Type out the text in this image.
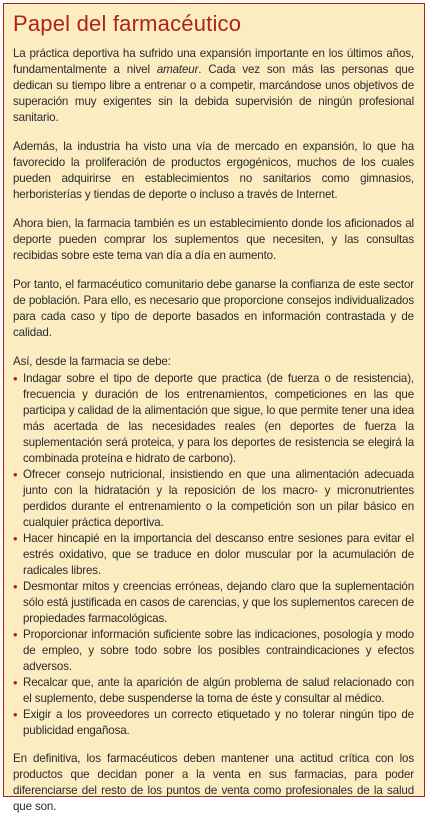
Papel del farmacéutico

La práctica deportiva ha sufrido una expansión importante en los últimos años, fundamentalmente a nivel amateur. Cada vez son más las personas que dedican su tiempo libre a entrenar o a competir, marcándose unos objetivos de superación muy exigentes sin la debida supervisión de ningún profesional sanitario.

Además, la industria ha visto una vía de mercado en expansión, lo que ha favorecido la proliferación de productos ergogénicos, muchos de los cuales pueden adquirirse en establecimientos no sanitarios como gimnasios, herboristerías y tiendas de deporte o incluso a través de Internet.

Ahora bien, la farmacia también es un establecimiento donde los aficionados al deporte pueden comprar los suplementos que necesiten, y las consultas recibidas sobre este tema van día a día en aumento.

Por tanto, el farmacéutico comunitario debe ganarse la confianza de este sector de población. Para ello, es necesario que proporcione consejos individualizados para cada caso y tipo de deporte basados en información contrastada y de calidad.

Así, desde la farmacia se debe:

• Indagar sobre el tipo de deporte que practica (de fuerza o de resistencia), frecuencia y duración de los entrenamientos, competiciones en las que participa y calidad de la alimentación que sigue, lo que permite tener una idea más acertada de las necesidades reales (en deportes de fuerza la suplementación será proteica, y para los deportes de resistencia se elegirá la combinada proteína e hidrato de carbono).
• Ofrecer consejo nutricional, insistiendo en que una alimentación adecuada junto con la hidratación y la reposición de los macro- y micronutrientes perdidos durante el entrenamiento o la competición son un pilar básico en cualquier práctica deportiva.
• Hacer hincapié en la importancia del descanso entre sesiones para evitar el estrés oxidativo, que se traduce en dolor muscular por la acumulación de radicales libres.
• Desmontar mitos y creencias erróneas, dejando claro que la suplementación sólo está justificada en casos de carencias, y que los suplementos carecen de propiedades farmacológicas.
• Proporcionar información suficiente sobre las indicaciones, posología y modo de empleo, y sobre todo sobre los posibles contraindicaciones y efectos adversos.
• Recalcar que, ante la aparición de algún problema de salud relacionado con el suplemento, debe suspenderse la toma de éste y consultar al médico.
• Exigir a los proveedores un correcto etiquetado y no tolerar ningún tipo de publicidad engañosa.

En definitiva, los farmacéuticos deben mantener una actitud crítica con los productos que decidan poner a la venta en sus farmacias, para poder diferenciarse del resto de los puntos de venta como profesionales de la salud que son.
